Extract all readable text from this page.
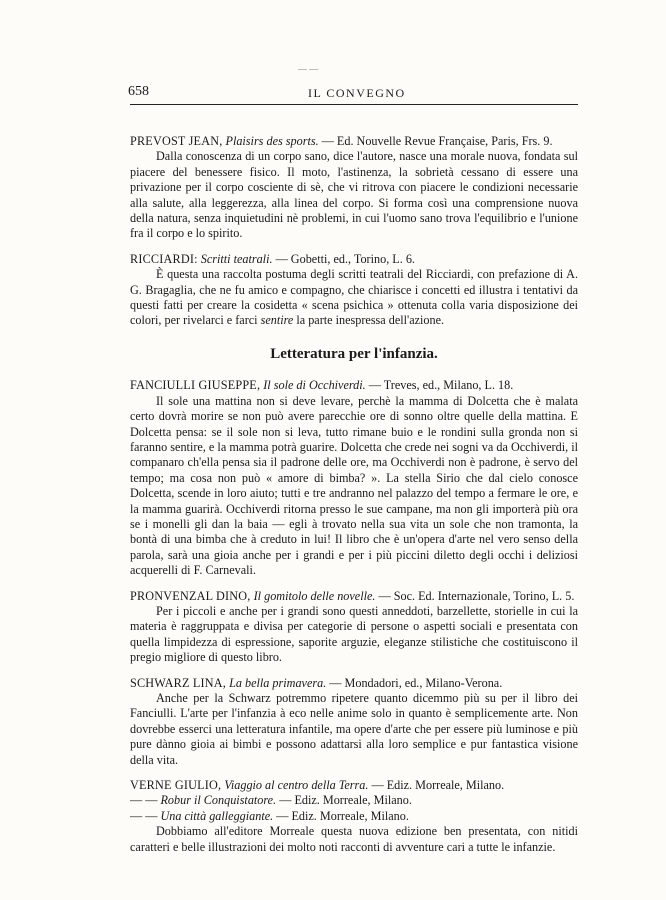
— —
658	IL CONVEGNO

PREVOST JEAN, Plaisirs des sports. — Ed. Nouvelle Revue Française, Paris, Frs. 9.

Dalla conoscenza di un corpo sano, dice l'autore, nasce una morale nuova, fondata sul piacere del benessere fisico. Il moto, l'astinenza, la sobrietà cessano di essere una privazione per il corpo cosciente di sè, che vi ritrova con piacere le condizioni necessarie alla salute, alla leggerezza, alla linea del corpo. Si forma così una comprensione nuova della natura, senza inquietudini nè problemi, in cui l'uomo sano trova l'equilibrio e l'unione fra il corpo e lo spirito.

RICCIARDI: Scritti teatrali. — Gobetti, ed., Torino, L. 6.

È questa una raccolta postuma degli scritti teatrali del Ricciardi, con prefazione di A. G. Bragaglia, che ne fu amico e compagno, che chiarisce i concetti ed illustra i tentativi da questi fatti per creare la cosidetta « scena psichica » ottenuta colla varia disposizione dei colori, per rivelarci e farci sentire la parte inespressa dell'azione.

Letteratura per l'infanzia.

FANCIULLI GIUSEPPE, Il sole di Occhiverdi. — Treves, ed., Milano, L. 18.

Il sole una mattina non si deve levare, perchè la mamma di Dolcetta che è malata certo dovrà morire se non può avere parecchie ore di sonno oltre quelle della mattina. E Dolcetta pensa: se il sole non si leva, tutto rimane buio e le rondini sulla gronda non si faranno sentire, e la mamma potrà guarire. Dolcetta che crede nei sogni va da Occhiverdi, il companaro ch'ella pensa sia il padrone delle ore, ma Occhiverdi non è padrone, è servo del tempo; ma cosa non può « amore di bimba? ». La stella Sirio che dal cielo conosce Dolcetta, scende in loro aiuto; tutti e tre andranno nel palazzo del tempo a fermare le ore, e la mamma guarirà. Occhiverdi ritorna presso le sue campane, ma non gli importerà più ora se i monelli gli dan la baia — egli à trovato nella sua vita un sole che non tramonta, la bontà di una bimba che à creduto in lui! Il libro che è un'opera d'arte nel vero senso della parola, sarà una gioia anche per i grandi e per i più piccini diletto degli occhi i deliziosi acquerelli di F. Carnevali.

PRONVENZAL DINO, Il gomitolo delle novelle. — Soc. Ed. Internazionale, Torino, L. 5.

Per i piccoli e anche per i grandi sono questi anneddoti, barzellette, storielle in cui la materia è raggruppata e divisa per categorie di persone o aspetti sociali e presentata con quella limpidezza di espressione, saporite arguzie, eleganze stilistiche che costituiscono il pregio migliore di questo libro.

SCHWARZ LINA, La bella primavera. — Mondadori, ed., Milano-Verona.

Anche per la Schwarz potremmo ripetere quanto dicemmo più su per il libro dei Fanciulli. L'arte per l'infanzia à eco nelle anime solo in quanto è semplicemente arte. Non dovrebbe esserci una letteratura infantile, ma opere d'arte che per essere più luminose e più pure dànno gioia ai bimbi e possono adattarsi alla loro semplice e pur fantastica visione della vita.

VERNE GIULIO, Viaggio al centro della Terra. — Ediz. Morreale, Milano.

— — Robur il Conquistatore. — Ediz. Morreale, Milano.

— — Una città galleggiante. — Ediz. Morreale, Milano.

Dobbiamo all'editore Morreale questa nuova edizione ben presentata, con nitidi caratteri e belle illustrazioni dei molto noti racconti di avventure cari a tutte le infanzie.
